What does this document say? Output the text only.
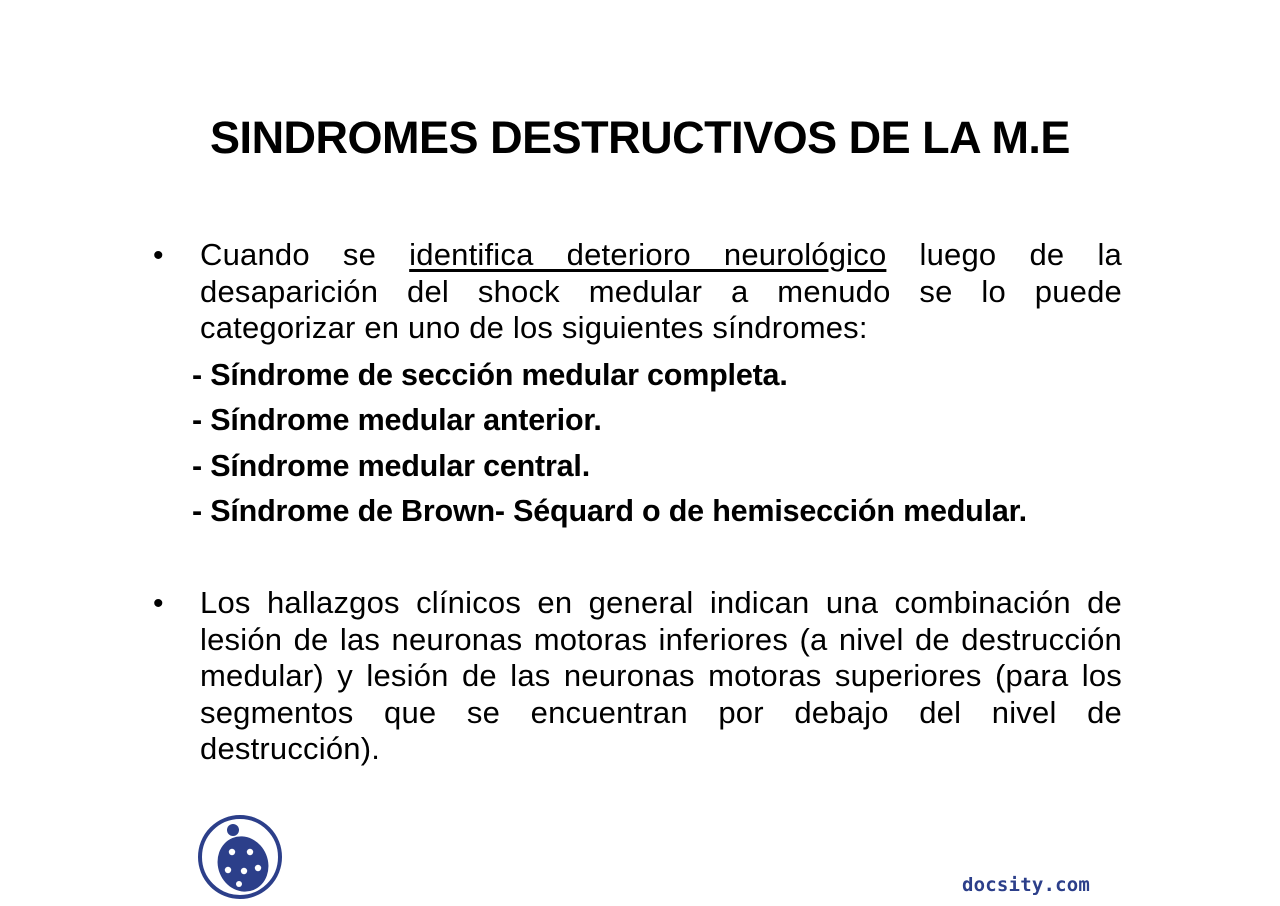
SINDROMES DESTRUCTIVOS DE LA M.E
• Cuando se identifica deterioro neurológico luego de la desaparición del shock medular a menudo se lo puede categorizar en uno de los siguientes síndromes:
- Síndrome de sección medular completa.
- Síndrome medular anterior.
- Síndrome medular central.
- Síndrome de Brown- Séquard o de hemisección medular.
• Los hallazgos clínicos en general indican una combinación de lesión de las neuronas motoras inferiores (a nivel de destrucción medular) y lesión de las neuronas motoras superiores (para los segmentos que se encuentran por debajo del nivel de destrucción).
docsity.com
